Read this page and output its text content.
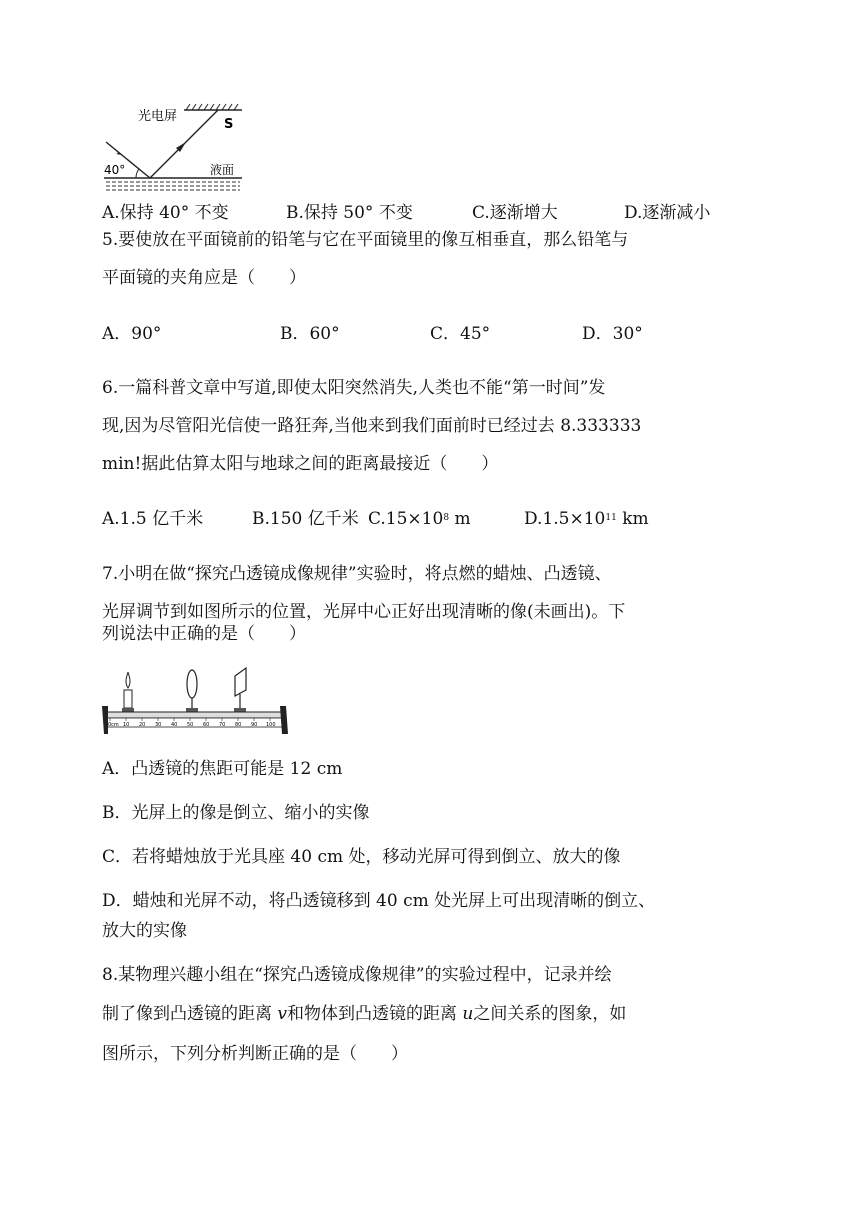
光电屏
S
液面
40°
A.保持 40° 不变	B.保持 50° 不变	C.逐渐增大	D.逐渐减小
5.要使放在平面镜前的铅笔与它在平面镜里的像互相垂直，那么铅笔与
平面镜的夹角应是（　　）
A．90°	B．60°	C．45°	D．30°
6.一篇科普文章中写道,即使太阳突然消失,人类也不能“第一时间”发
现,因为尽管阳光信使一路狂奔,当他来到我们面前时已经过去 8.333333
min!据此估算太阳与地球之间的距离最接近（　　）
A.1.5 亿千米	B.150 亿千米 $C.15\times 10^8$ m	$D.1.5\times 10^{11}$ km
7.小明在做“探究凸透镜成像规律”实验时，将点燃的蜡烛、凸透镜、
光屏调节到如图所示的位置，光屏中心正好出现清晰的像(未画出)。下
列说法中正确的是（　　）
0cm 10 20 30 40 50 60 70 80 90 100
A．凸透镜的焦距可能是 12 cm
B．光屏上的像是倒立、缩小的实像
C．若将蜡烛放于光具座 40 cm 处，移动光屏可得到倒立、放大的像
D．蜡烛和光屏不动，将凸透镜移到 40 cm 处光屏上可出现清晰的倒立、
放大的实像
8.某物理兴趣小组在“探究凸透镜成像规律”的实验过程中，记录并绘
制了像到凸透镜的距离 v和物体到凸透镜的距离 u之间关系的图象，如
图所示，下列分析判断正确的是（　　）
